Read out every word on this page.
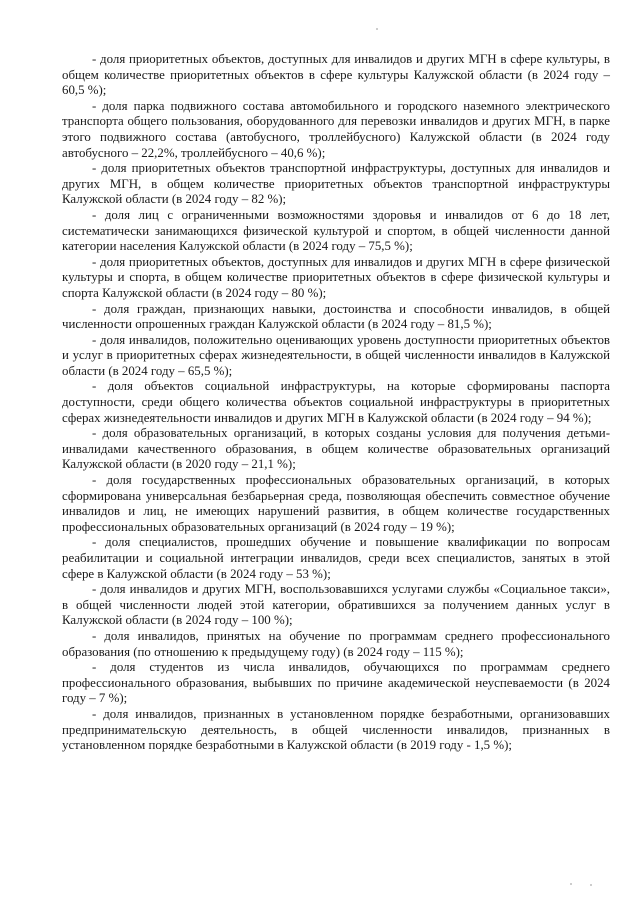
- доля приоритетных объектов, доступных для инвалидов и других МГН в сфере культуры, в общем количестве приоритетных объектов в сфере культуры Калужской области (в 2024 году – 60,5 %);

- доля парка подвижного состава автомобильного и городского наземного электрического транспорта общего пользования, оборудованного для перевозки инвалидов и других МГН, в парке этого подвижного состава (автобусного, троллейбусного) Калужской области (в 2024 году автобусного – 22,2%, троллейбусного – 40,6 %);

- доля приоритетных объектов транспортной инфраструктуры, доступных для инвалидов и других МГН, в общем количестве приоритетных объектов транспортной инфраструктуры Калужской области (в 2024 году – 82 %);

- доля лиц с ограниченными возможностями здоровья и инвалидов от 6 до 18 лет, систематически занимающихся физической культурой и спортом, в общей численности данной категории населения Калужской области (в 2024 году – 75,5 %);

- доля приоритетных объектов, доступных для инвалидов и других МГН в сфере физической культуры и спорта, в общем количестве приоритетных объектов в сфере физической культуры и спорта Калужской области (в 2024 году – 80 %);

- доля граждан, признающих навыки, достоинства и способности инвалидов, в общей численности опрошенных граждан Калужской области (в 2024 году – 81,5 %);

- доля инвалидов, положительно оценивающих уровень доступности приоритетных объектов и услуг в приоритетных сферах жизнедеятельности, в общей численности инвалидов в Калужской области (в 2024 году – 65,5 %);

- доля объектов социальной инфраструктуры, на которые сформированы паспорта доступности, среди общего количества объектов социальной инфраструктуры в приоритетных сферах жизнедеятельности инвалидов и других МГН в Калужской области (в 2024 году – 94 %);

- доля образовательных организаций, в которых созданы условия для получения детьми-инвалидами качественного образования, в общем количестве образовательных организаций Калужской области (в 2020 году – 21,1 %);

- доля государственных профессиональных образовательных организаций, в которых сформирована универсальная безбарьерная среда, позволяющая обеспечить совместное обучение инвалидов и лиц, не имеющих нарушений развития, в общем количестве государственных профессиональных образовательных организаций (в 2024 году – 19 %);

- доля специалистов, прошедших обучение и повышение квалификации по вопросам реабилитации и социальной интеграции инвалидов, среди всех специалистов, занятых в этой сфере в Калужской области (в 2024 году – 53 %);

- доля инвалидов и других МГН, воспользовавшихся услугами службы «Социальное такси», в общей численности людей этой категории, обратившихся за получением данных услуг в Калужской области (в 2024 году – 100 %);

- доля инвалидов, принятых на обучение по программам среднего профессионального образования (по отношению к предыдущему году) (в 2024 году – 115 %);

- доля студентов из числа инвалидов, обучающихся по программам среднего профессионального образования, выбывших по причине академической неуспеваемости (в 2024 году – 7 %);

- доля инвалидов, признанных в установленном порядке безработными, организовавших предпринимательскую деятельность, в общей численности инвалидов, признанных в установленном порядке безработными в Калужской области (в 2019 году - 1,5 %);
